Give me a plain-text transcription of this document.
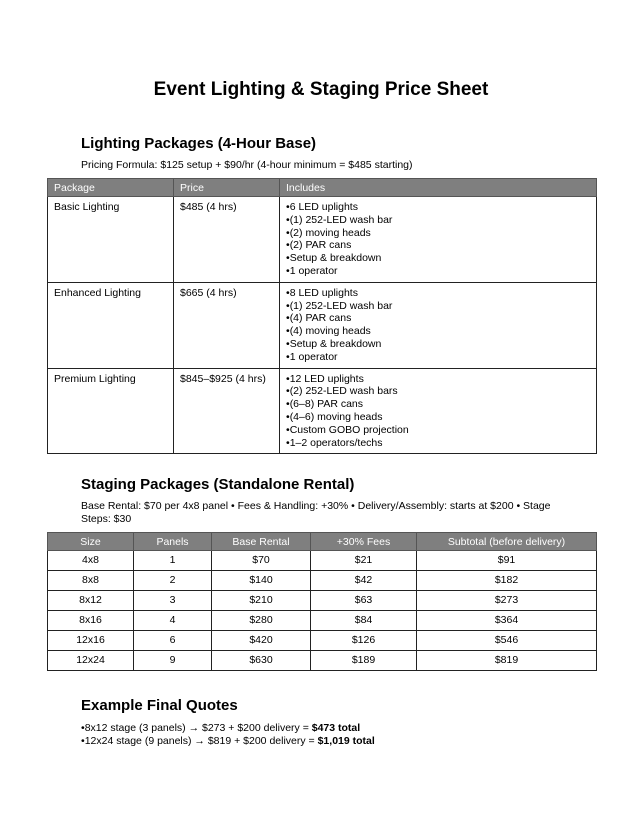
Event Lighting & Staging Price Sheet
Lighting Packages (4-Hour Base)
Pricing Formula: $125 setup + $90/hr (4-hour minimum = $485 starting)
Package	Price	Includes
Basic Lighting	$485 (4 hrs)	
•6 LED uplights
• (1) 252-LED wash bar
• (2) moving heads
• (2) PAR cans
• Setup & breakdown
• 1 operator

Enhanced Lighting	$665 (4 hrs)	
•8 LED uplights
• (1) 252-LED wash bar
• (4) PAR cans
• (4) moving heads
• Setup & breakdown
• 1 operator

Premium Lighting	$845–$925 (4 hrs)	
•12 LED uplights
• (2) 252-LED wash bars
• (6–8) PAR cans
• (4–6) moving heads
• Custom GOBO projection
• 1–2 operators/techs
Staging Packages (Standalone Rental)
Base Rental: $70 per 4x8 panel • Fees & Handling: +30% • Delivery/Assembly: starts at $200 • Stage Steps: $30
Size	Panels	Base Rental	+30% Fees	Subtotal (before delivery)
4x8	1	$70	$21	$91
8x8	2	$140	$42	$182
8x12	3	$210	$63	$273
8x16	4	$280	$84	$364
12x16	6	$420	$126	$546
12x24	9	$630	$189	$819
Example Final Quotes
• 8x12 stage (3 panels) → $273 + $200 delivery = $473 total
• 12x24 stage (9 panels) → $819 + $200 delivery = $1,019 total
